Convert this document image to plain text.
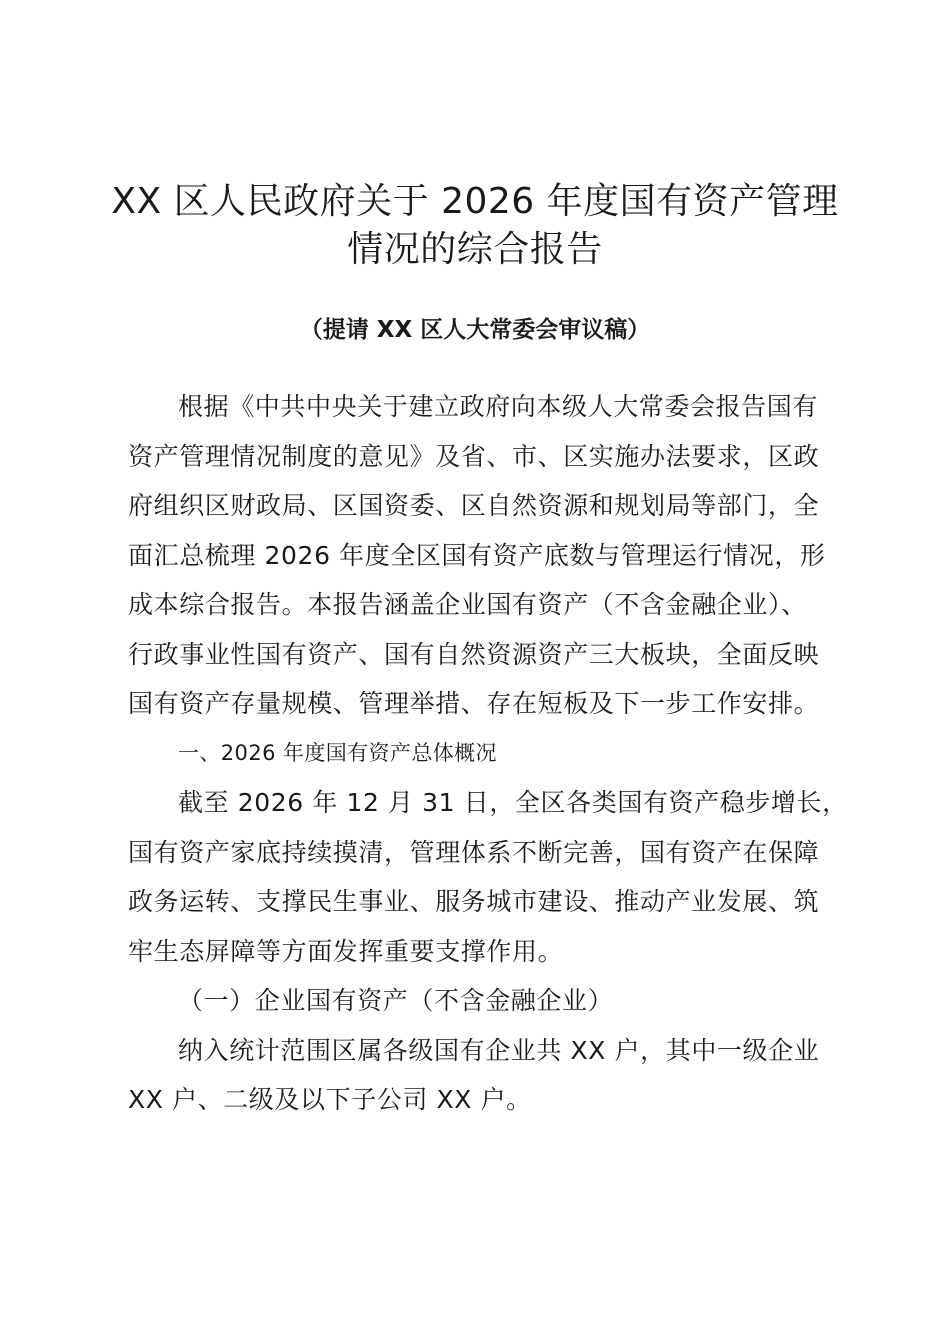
XX 区人民政府关于 2026 年度国有资产管理
情况的综合报告

（提请 XX 区人大常委会审议稿）

根据《中共中央关于建立政府向本级人大常委会报告国有
资产管理情况制度的意见》及省、市、区实施办法要求，区政
府组织区财政局、区国资委、区自然资源和规划局等部门，全
面汇总梳理 2026 年度全区国有资产底数与管理运行情况，形
成本综合报告。本报告涵盖企业国有资产（不含金融企业）、
行政事业性国有资产、国有自然资源资产三大板块，全面反映
国有资产存量规模、管理举措、存在短板及下一步工作安排。

一、2026 年度国有资产总体概况

截至 2026 年 12 月 31 日，全区各类国有资产稳步增长，
国有资产家底持续摸清，管理体系不断完善，国有资产在保障
政务运转、支撑民生事业、服务城市建设、推动产业发展、筑
牢生态屏障等方面发挥重要支撑作用。

（一）企业国有资产（不含金融企业）

纳入统计范围区属各级国有企业共 XX 户，其中一级企业
XX 户、二级及以下子公司 XX 户。
